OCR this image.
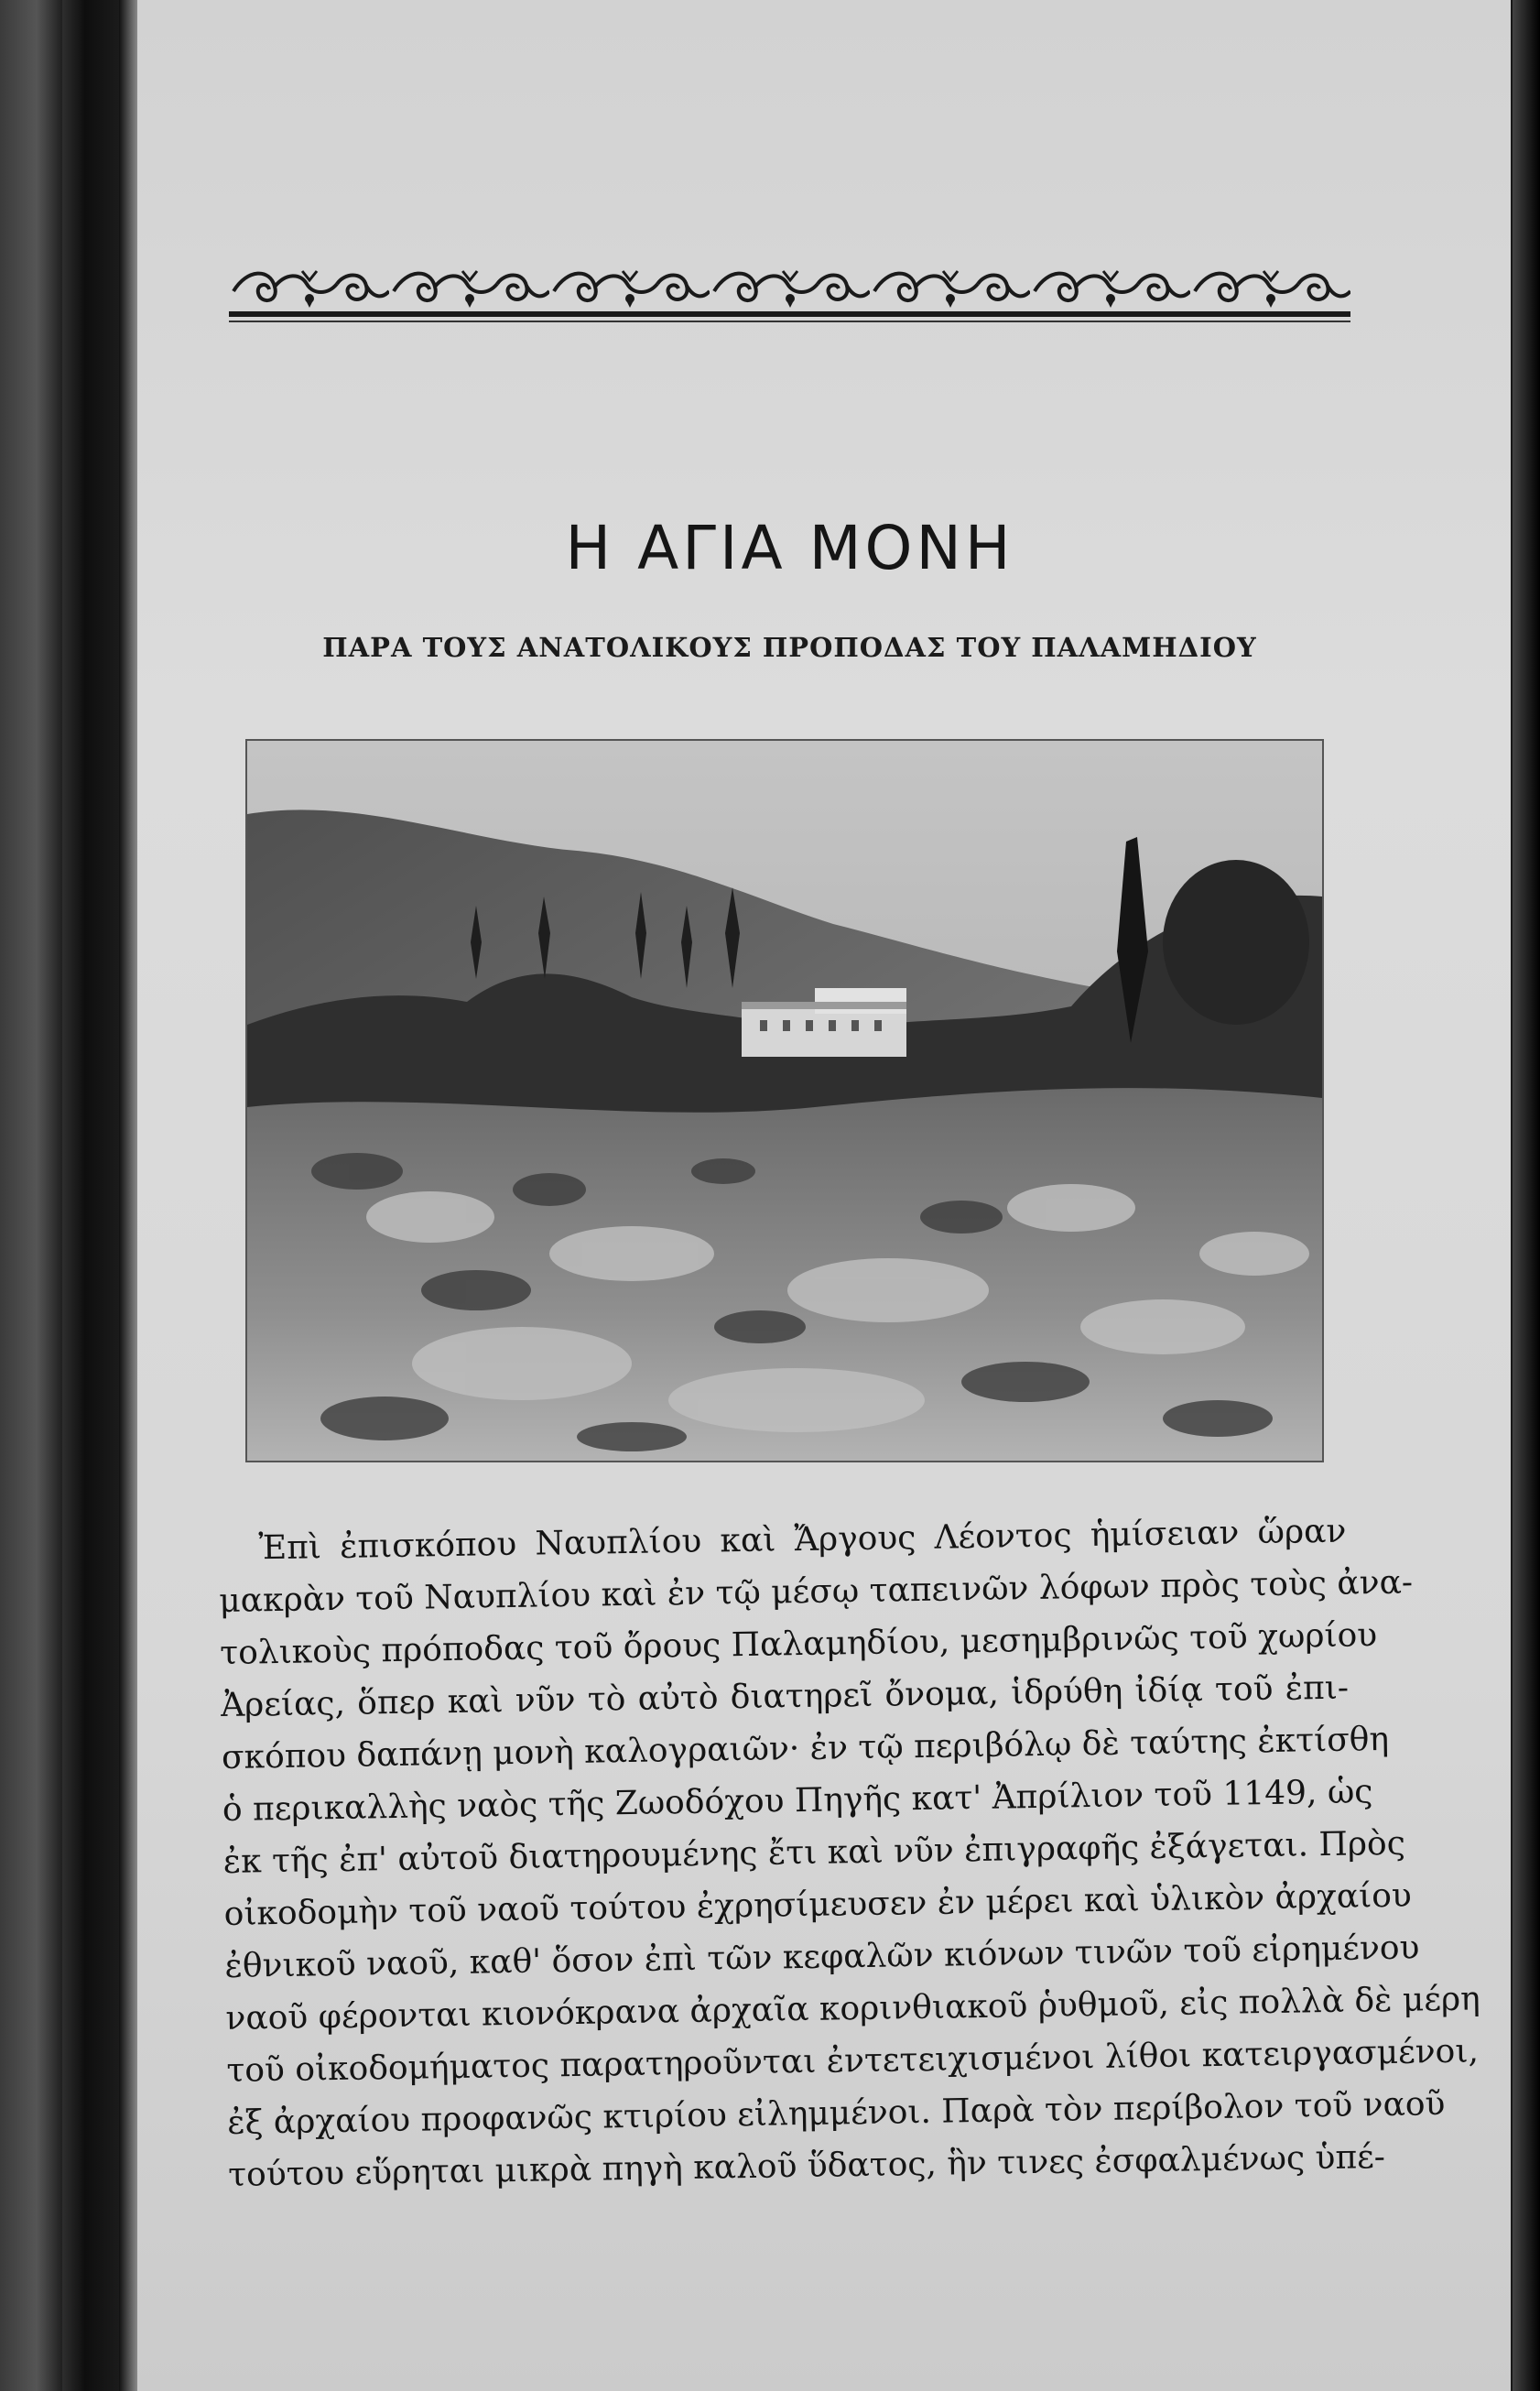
Η ΑΓΙΑ ΜΟΝΗ
ΠΑΡΑ ΤΟΥΣ ΑΝΑΤΟΛΙΚΟΥΣ ΠΡΟΠΟΔΑΣ ΤΟΥ ΠΑΛΑΜΗΔΙΟΥ
Ἐπὶ ἐπισκόπου Ναυπλίου καὶ Ἄργους Λέοντος ἡμίσειαν ὥραν
μακρὰν τοῦ Ναυπλίου καὶ ἐν τῷ μέσῳ ταπεινῶν λόφων πρὸς τοὺς ἀνα-
τολικοὺς πρόποδας τοῦ ὄρους Παλαμηδίου, μεσημβρινῶς τοῦ χωρίου
Ἀρείας, ὅπερ καὶ νῦν τὸ αὐτὸ διατηρεῖ ὄνομα, ἱδρύθη ἰδίᾳ τοῦ ἐπι-
σκόπου δαπάνῃ μονὴ καλογραιῶν· ἐν τῷ περιβόλῳ δὲ ταύτης ἐκτίσθη
ὁ περικαλλὴς ναὸς τῆς Ζωοδόχου Πηγῆς κατ' Ἀπρίλιον τοῦ 1149, ὡς
ἐκ τῆς ἐπ' αὐτοῦ διατηρουμένης ἔτι καὶ νῦν ἐπιγραφῆς ἐξάγεται. Πρὸς
οἰκοδομὴν τοῦ ναοῦ τούτου ἐχρησίμευσεν ἐν μέρει καὶ ὑλικὸν ἀρχαίου
ἐθνικοῦ ναοῦ, καθ' ὅσον ἐπὶ τῶν κεφαλῶν κιόνων τινῶν τοῦ εἰρημένου
ναοῦ φέρονται κιονόκρανα ἀρχαῖα κορινθιακοῦ ῥυθμοῦ, εἰς πολλὰ δὲ μέρη
τοῦ οἰκοδομήματος παρατηροῦνται ἐντετειχισμένοι λίθοι κατειργασμένοι,
ἐξ ἀρχαίου προφανῶς κτιρίου εἰλημμένοι. Παρὰ τὸν περίβολον τοῦ ναοῦ
τούτου εὕρηται μικρὰ πηγὴ καλοῦ ὕδατος, ἣν τινες ἐσφαλμένως ὑπέ-
